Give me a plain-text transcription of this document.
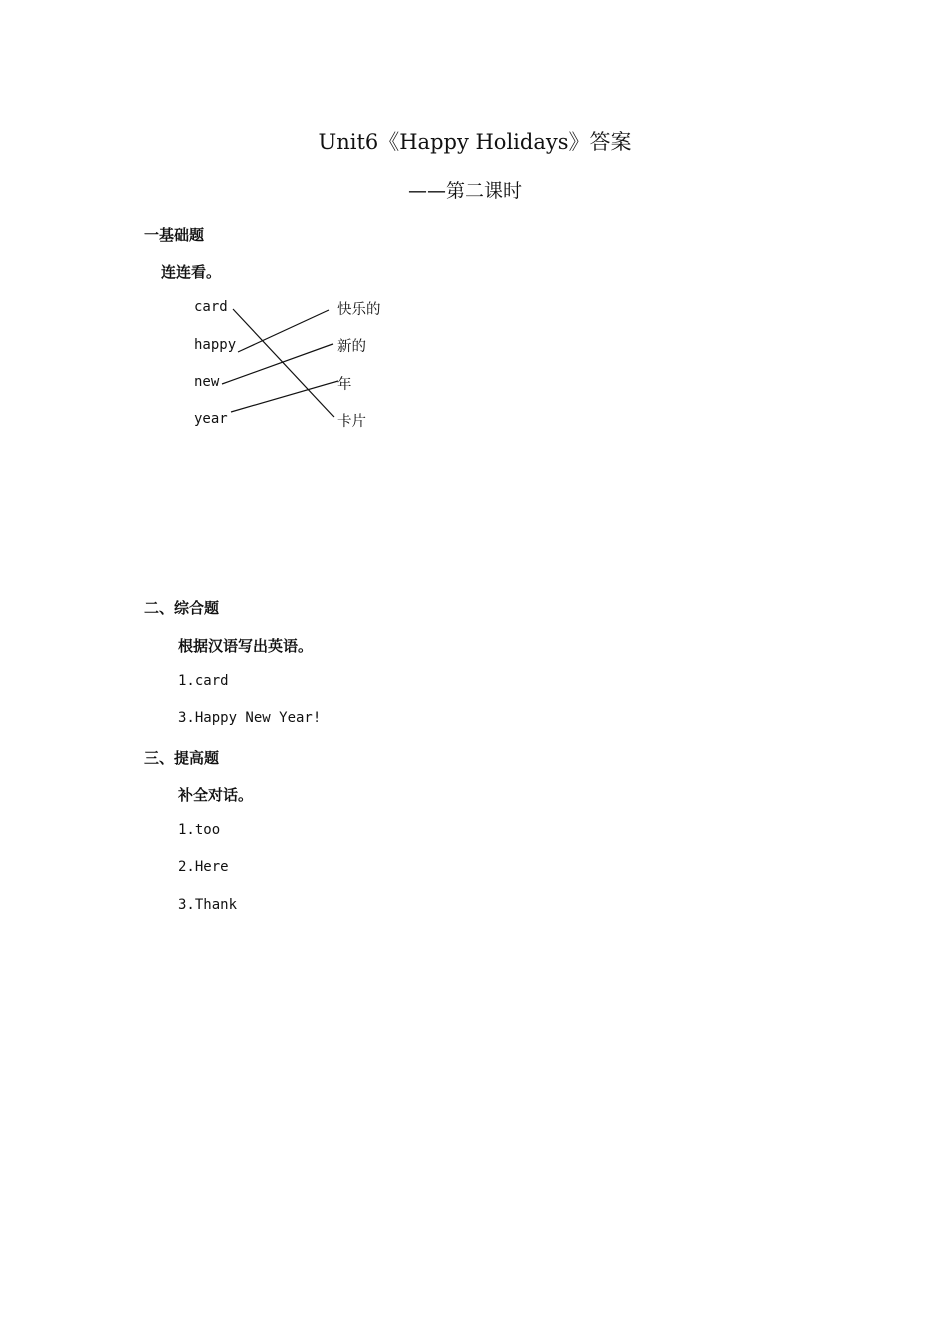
Unit6《Happy Holidays》答案
——第二课时
一基础题
连连看。
card
happy
new
year
快乐的
新的
年
卡片
二、综合题
根据汉语写出英语。
1.card
3.Happy New Year!
三、提高题
补全对话。
1.too
2.Here
3.Thank
